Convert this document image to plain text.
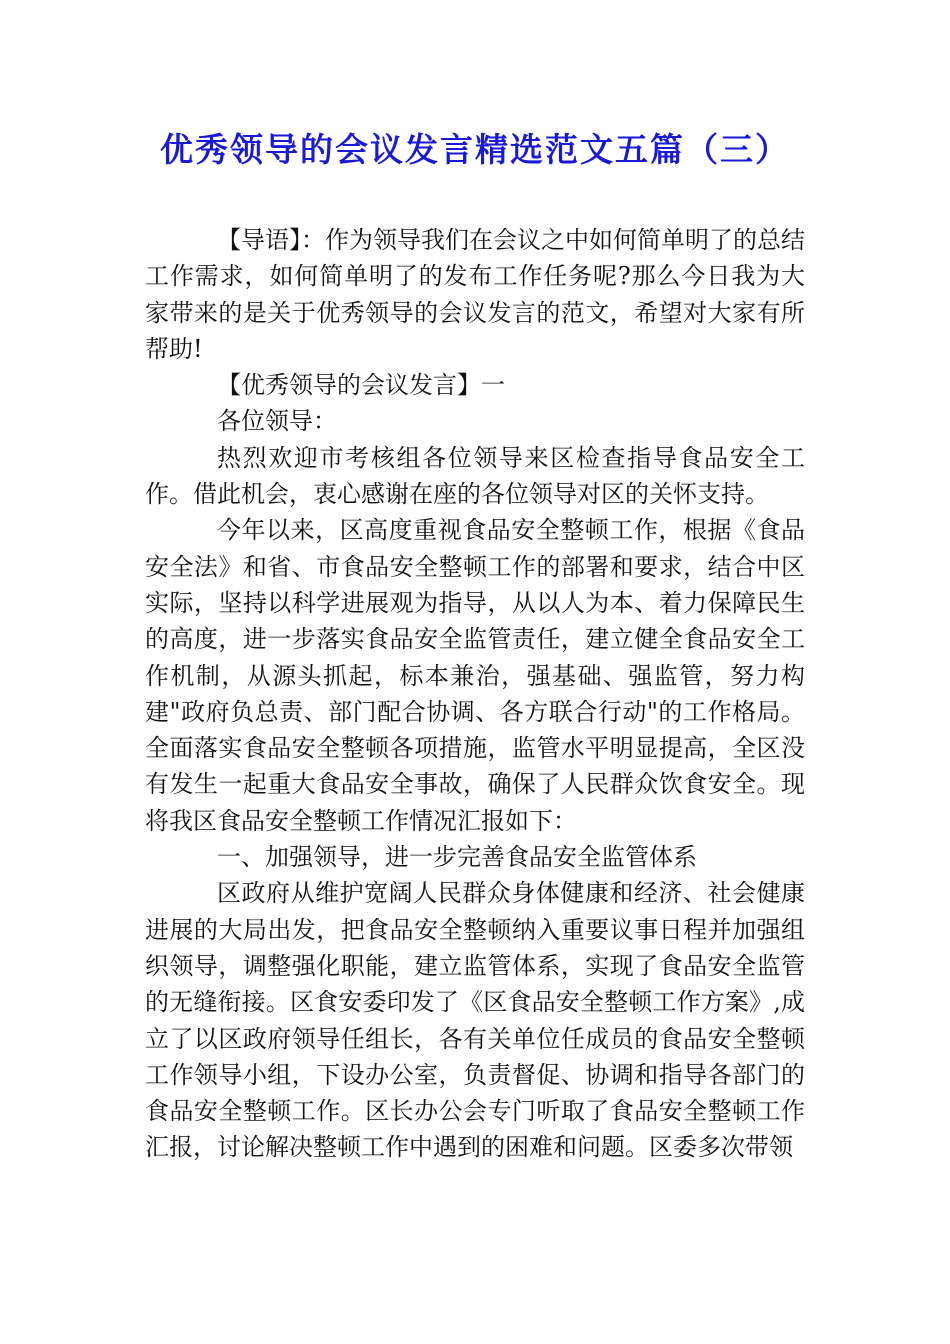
优秀领导的会议发言精选范文五篇（三）

【导语】：作为领导我们在会议之中如何简单明了的总结工作需求，如何简单明了的发布工作任务呢?那么今日我为大家带来的是关于优秀领导的会议发言的范文，希望对大家有所帮助!

【优秀领导的会议发言】一

各位领导：

热烈欢迎市考核组各位领导来区检查指导食品安全工作。借此机会，衷心感谢在座的各位领导对区的关怀支持。

今年以来，区高度重视食品安全整顿工作，根据《食品安全法》和省、市食品安全整顿工作的部署和要求，结合中区实际，坚持以科学进展观为指导，从以人为本、着力保障民生的高度，进一步落实食品安全监管责任，建立健全食品安全工作机制，从源头抓起，标本兼治，强基础、强监管，努力构建"政府负总责、部门配合协调、各方联合行动"的工作格局。全面落实食品安全整顿各项措施，监管水平明显提高，全区没有发生一起重大食品安全事故，确保了人民群众饮食安全。现将我区食品安全整顿工作情况汇报如下：

一、加强领导，进一步完善食品安全监管体系

区政府从维护宽阔人民群众身体健康和经济、社会健康进展的大局出发，把食品安全整顿纳入重要议事日程并加强组织领导，调整强化职能，建立监管体系，实现了食品安全监管的无缝衔接。区食安委印发了《区食品安全整顿工作方案》,成立了以区政府领导任组长，各有关单位任成员的食品安全整顿工作领导小组，下设办公室，负责督促、协调和指导各部门的食品安全整顿工作。区长办公会专门听取了食品安全整顿工作汇报，讨论解决整顿工作中遇到的困难和问题。区委多次带领
